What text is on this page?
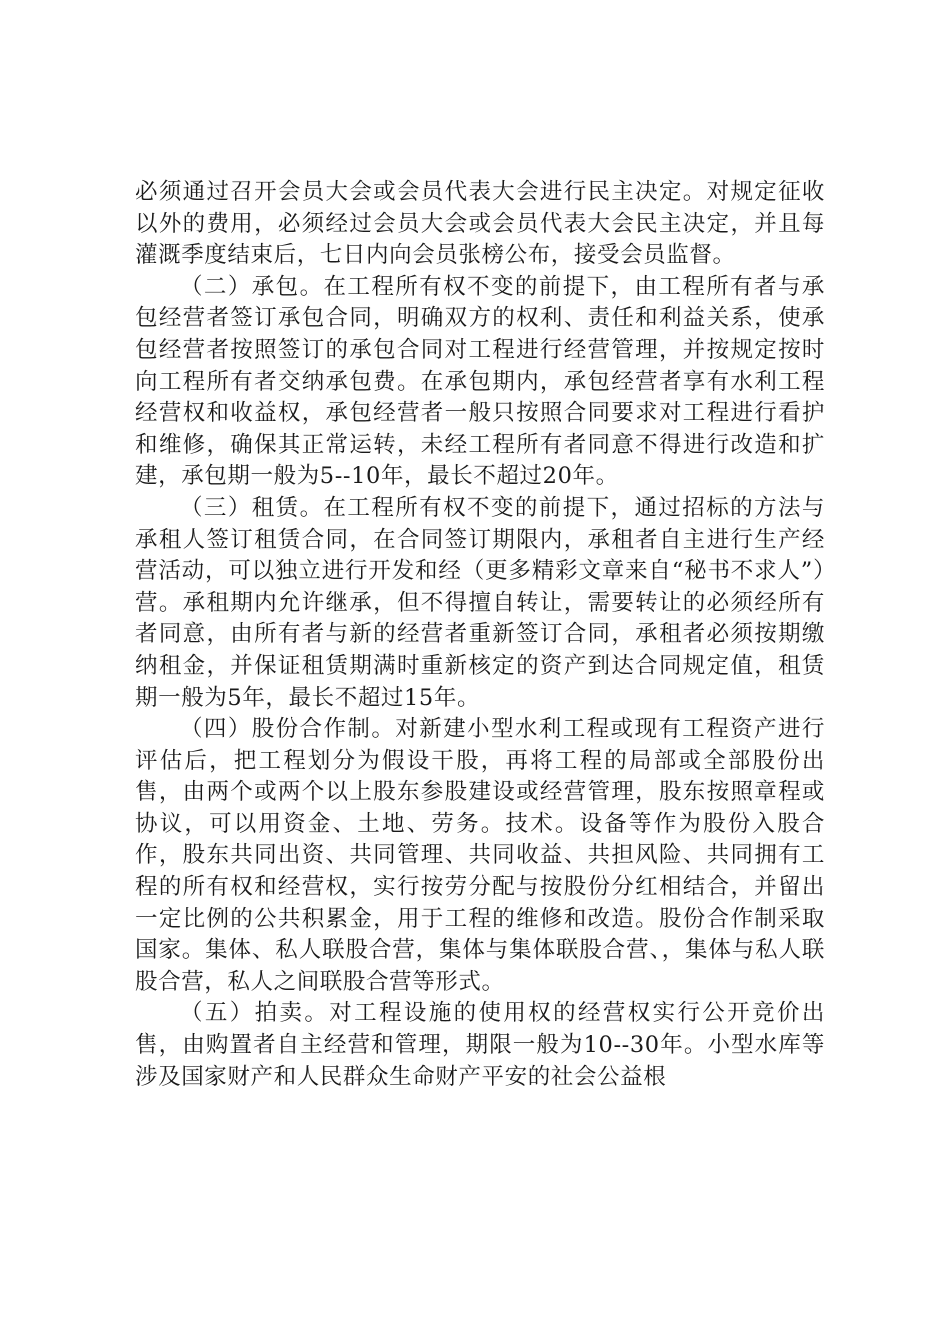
必须通过召开会员大会或会员代表大会进行民主决定。对规定征收以外的费用，必须经过会员大会或会员代表大会民主决定，并且每灌溉季度结束后，七日内向会员张榜公布，接受会员监督。

（二）承包。在工程所有权不变的前提下，由工程所有者与承包经营者签订承包合同，明确双方的权利、责任和利益关系，使承包经营者按照签订的承包合同对工程进行经营管理，并按规定按时向工程所有者交纳承包费。在承包期内，承包经营者享有水利工程经营权和收益权，承包经营者一般只按照合同要求对工程进行看护和维修，确保其正常运转，未经工程所有者同意不得进行改造和扩建，承包期一般为5--10年，最长不超过20年。

（三）租赁。在工程所有权不变的前提下，通过招标的方法与承租人签订租赁合同，在合同签订期限内，承租者自主进行生产经营活动，可以独立进行开发和经（更多精彩文章来自“秘书不求人”）营。承租期内允许继承，但不得擅自转让，需要转让的必须经所有者同意，由所有者与新的经营者重新签订合同，承租者必须按期缴纳租金，并保证租赁期满时重新核定的资产到达合同规定值，租赁期一般为5年，最长不超过15年。

（四）股份合作制。对新建小型水利工程或现有工程资产进行评估后，把工程划分为假设干股，再将工程的局部或全部股份出售，由两个或两个以上股东参股建设或经营管理，股东按照章程或协议，可以用资金、土地、劳务。技术。设备等作为股份入股合作，股东共同出资、共同管理、共同收益、共担风险、共同拥有工程的所有权和经营权，实行按劳分配与按股份分红相结合，并留出一定比例的公共积累金，用于工程的维修和改造。股份合作制采取国家。集体、私人联股合营，集体与集体联股合营、，集体与私人联股合营，私人之间联股合营等形式。

（五）拍卖。对工程设施的使用权的经营权实行公开竞价出售，由购置者自主经营和管理，期限一般为10--30年。小型水库等涉及国家财产和人民群众生命财产平安的社会公益根
